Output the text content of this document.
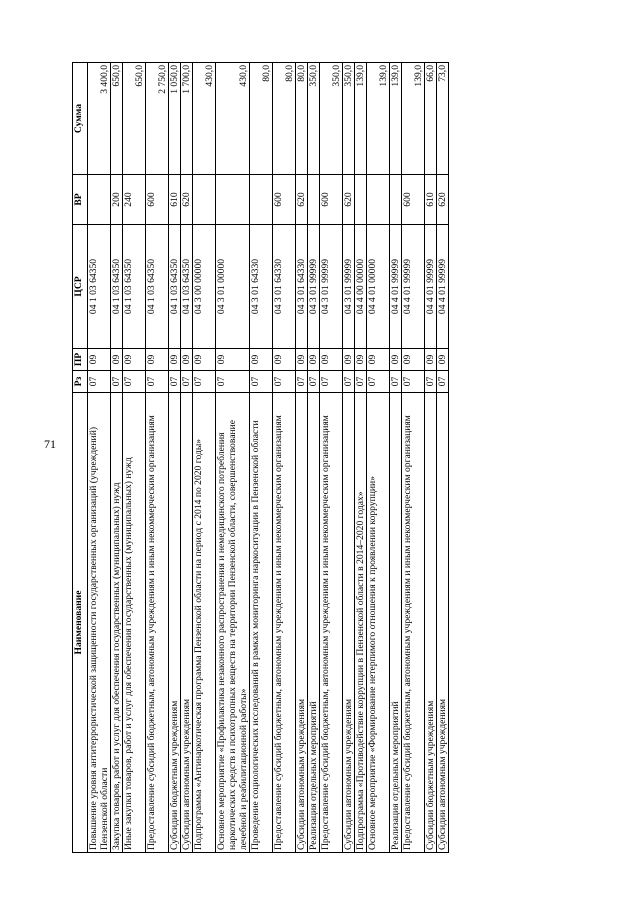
71
Наименование	Рз	ПР	ЦСР	ВР	Сумма
Повышение уровня антитеррористической защищенности государственных организаций (учреждений) Пензенской области	07	09	04 1 03 64350		3 400,0
Закупка товаров, работ и услуг для обеспечения государственных (муниципальных) нужд	07	09	04 1 03 64350	200	650,0
Иные закупки товаров, работ и услуг для обеспечения государственных (муниципальных) нужд	07	09	04 1 03 64350	240	650,0
Предоставление субсидий бюджетным, автономным учреждениям и иным некоммерческим организациям	07	09	04 1 03 64350	600	2 750,0
Субсидии бюджетным учреждениям	07	09	04 1 03 64350	610	1 050,0
Субсидии автономным учреждениям	07	09	04 1 03 64350	620	1 700,0
Подпрограмма «Антинаркотическая программа Пензенской области на период с 2014 по 2020 годы»	07	09	04 3 00 00000		430,0
Основное мероприятие «Профилактика незаконного распространения и немедицинского потребления наркотических средств и психотропных веществ на территории Пензенской области, совершенствование лечебной и реабилитационной работы»	07	09	04 3 01 00000		430,0
Проведение социологических исследований в рамках мониторинга наркоситуации в Пензенской области	07	09	04 3 01 64330		80,0
Предоставление субсидий бюджетным, автономным учреждениям и иным некоммерческим организациям	07	09	04 3 01 64330	600	80,0
Субсидии автономным учреждениям	07	09	04 3 01 64330	620	80,0
Реализация отдельных мероприятий	07	09	04 3 01 99999		350,0
Предоставление субсидий бюджетным, автономным учреждениям и иным некоммерческим организациям	07	09	04 3 01 99999	600	350,0
Субсидии автономным учреждениям	07	09	04 3 01 99999	620	350,0
Подпрограмма «Противодействие коррупции в Пензенской области в 2014–2020 годах»	07	09	04 4 00 00000		139,0
Основное мероприятие «Формирование нетерпимого отношения к проявлении коррупции»	07	09	04 4 01 00000		139,0
Реализация отдельных мероприятий	07	09	04 4 01 99999		139,0
Предоставление субсидий бюджетным, автономным учреждениям и иным некоммерческим организациям	07	09	04 4 01 99999	600	139,0
Субсидии бюджетным учреждениям	07	09	04 4 01 99999	610	66,0
Субсидии автономным учреждениям	07	09	04 4 01 99999	620	73,0
